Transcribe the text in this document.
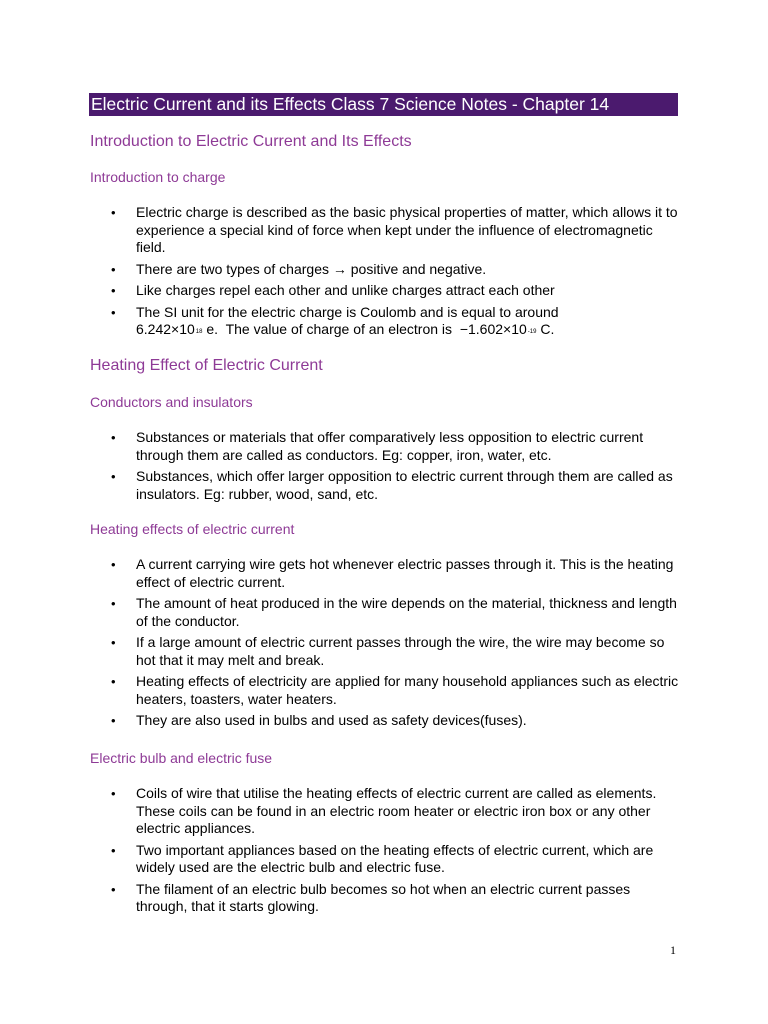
Electric Current and its Effects Class 7 Science Notes - Chapter 14
Introduction to Electric Current and Its Effects
Introduction to charge
• Electric charge is described as the basic physical properties of matter, which allows it to experience a special kind of force when kept under the influence of electromagnetic field.
• There are two types of charges → positive and negative.
• Like charges repel each other and unlike charges attract each other
• The SI unit for the electric charge is Coulomb and is equal to around
6.242×1018 e.  The value of charge of an electron is  −1.602×10-19 C.
Heating Effect of Electric Current
Conductors and insulators
• Substances or materials that offer comparatively less opposition to electric current through them are called as conductors. Eg: copper, iron, water, etc.
• Substances, which offer larger opposition to electric current through them are called as insulators. Eg: rubber, wood, sand, etc.
Heating effects of electric current
• A current carrying wire gets hot whenever electric passes through it. This is the heating effect of electric current.
• The amount of heat produced in the wire depends on the material, thickness and length of the conductor.
• If a large amount of electric current passes through the wire, the wire may become so hot that it may melt and break.
• Heating effects of electricity are applied for many household appliances such as electric heaters, toasters, water heaters.
• They are also used in bulbs and used as safety devices(fuses).
Electric bulb and electric fuse
• Coils of wire that utilise the heating effects of electric current are called as elements. These coils can be found in an electric room heater or electric iron box or any other electric appliances.
• Two important appliances based on the heating effects of electric current, which are widely used are the electric bulb and electric fuse.
• The filament of an electric bulb becomes so hot when an electric current passes through, that it starts glowing.
1
